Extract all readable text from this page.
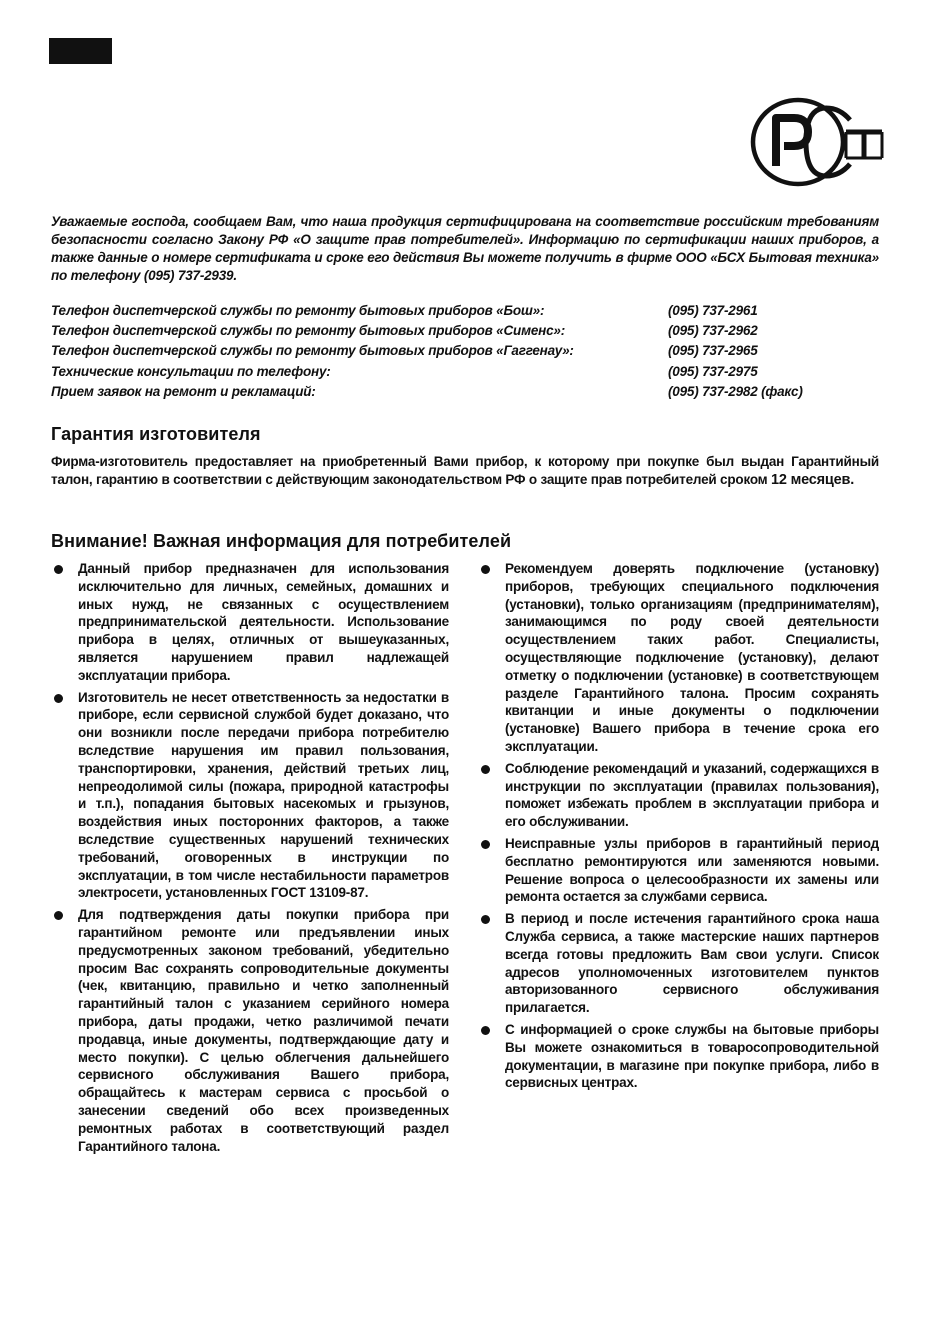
Уважаемые господа, сообщаем Вам, что наша продукция сертифицирована на соответствие российским требованиям безопасности согласно Закону РФ «О защите прав потребителей». Информацию по сертификации наших приборов, а также данные о номере сертификата и сроке его действия Вы можете получить в фирме ООО «БСХ Бытовая техника» по телефону (095) 737-2939.

Телефон диспетчерской службы по ремонту бытовых приборов «Бош»:	(095) 737-2961
Телефон диспетчерской службы по ремонту бытовых приборов «Сименс»:	(095) 737-2962
Телефон диспетчерской службы по ремонту бытовых приборов «Гаггенау»:	(095) 737-2965
Технические консультации по телефону:	(095) 737-2975
Прием заявок на ремонт и рекламаций:	(095) 737-2982 (факс)
Гарантия изготовителя

Фирма-изготовитель предоставляет на приобретенный Вами прибор, к которому при покупке был выдан Гарантийный талон, гарантию в соответствии с действующим законодательством РФ о защите прав потребителей сроком 12 месяцев.

Внимание! Важная информация для потребителей
Данный прибор предназначен для использования исключительно для личных, семейных, домашних и иных нужд, не связанных с осуществлением предпринимательской деятельности. Использование прибора в целях, отличных от вышеуказанных, является нарушением правил надлежащей эксплуатации прибора.
Изготовитель не несет ответственность за недостатки в приборе, если сервисной службой будет доказано, что они возникли после передачи прибора потребителю вследствие нарушения им правил пользования, транспортировки, хранения, действий третьих лиц, непреодолимой силы (пожара, природной катастрофы и т.п.), попадания бытовых насекомых и грызунов, воздействия иных посторонних факторов, а также вследствие существенных нарушений технических требований, оговоренных в инструкции по эксплуатации, в том числе нестабильности параметров электросети, установленных ГОСТ 13109-87.
Для подтверждения даты покупки прибора при гарантийном ремонте или предъявлении иных предусмотренных законом требований, убедительно просим Вас сохранять сопроводительные документы (чек, квитанцию, правильно и четко заполненный гарантийный талон с указанием серийного номера прибора, даты продажи, четко различимой печати продавца, иные документы, подтверждающие дату и место покупки). С целью облегчения дальнейшего сервисного обслуживания Вашего прибора, обращайтесь к мастерам сервиса с просьбой о занесении сведений обо всех произведенных ремонтных работах в соответствующий раздел Гарантийного талона.
Рекомендуем доверять подключение (установку) приборов, требующих специального подключения (установки), только организациям (предпринимателям), занимающимся по роду своей деятельности осуществлением таких работ. Специалисты, осуществляющие подключение (установку), делают отметку о подключении (установке) в соответствующем разделе Гарантийного талона. Просим сохранять квитанции и иные документы о подключении (установке) Вашего прибора в течение срока его эксплуатации.
Соблюдение рекомендаций и указаний, содержащихся в инструкции по эксплуатации (правилах пользования), поможет избежать проблем в эксплуатации прибора и его обслуживании.
Неисправные узлы приборов в гарантийный период бесплатно ремонтируются или заменяются новыми. Решение вопроса о целесообразности их замены или ремонта остается за службами сервиса.
В период и после истечения гарантийного срока наша Служба сервиса, а также мастерские наших партнеров всегда готовы предложить Вам свои услуги. Список адресов уполномоченных изготовителем пунктов авторизованного сервисного обслуживания прилагается.
С информацией о сроке службы на бытовые приборы Вы можете ознакомиться в товаросопроводительной документации, в магазине при покупке прибора, либо в сервисных центрах.
